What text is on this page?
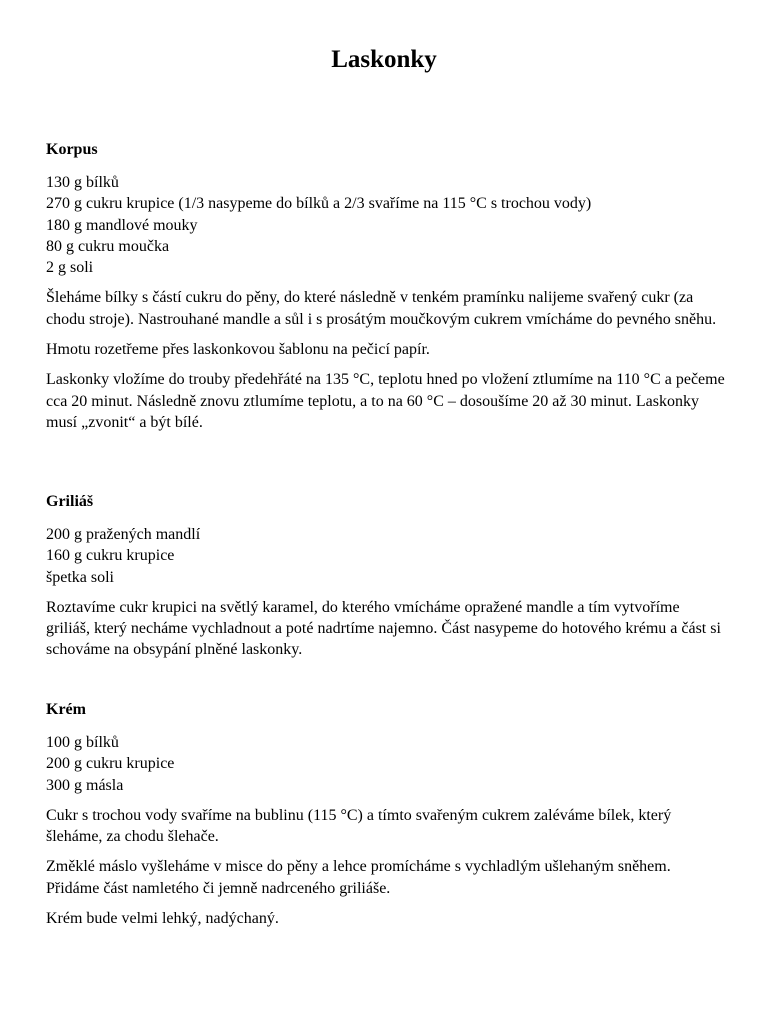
Laskonky
Korpus
130 g bílků
270 g cukru krupice (1/3 nasypeme do bílků a 2/3 svaříme na 115 °C s trochou vody)
180 g mandlové mouky
80 g cukru moučka
2 g soli

Šleháme bílky s částí cukru do pěny, do které následně v tenkém pramínku nalijeme svařený cukr (za chodu stroje). Nastrouhané mandle a sůl i s prosátým moučkovým cukrem vmícháme do pevného sněhu.

Hmotu rozetřeme přes laskonkovou šablonu na pečicí papír.

Laskonky vložíme do trouby předehřáté na 135 °C, teplotu hned po vložení ztlumíme na 110 °C a pečeme cca 20 minut. Následně znovu ztlumíme teplotu, a to na 60 °C – dosoušíme 20 až 30 minut. Laskonky musí „zvonit“ a být bílé.

Griliáš
200 g pražených mandlí
160 g cukru krupice
špetka soli

Roztavíme cukr krupici na světlý karamel, do kterého vmícháme opražené mandle a tím vytvoříme griliáš, který necháme vychladnout a poté nadrtíme najemno. Část nasypeme do hotového krému a část si schováme na obsypání plněné laskonky.

Krém
100 g bílků
200 g cukru krupice
300 g másla

Cukr s trochou vody svaříme na bublinu (115 °C) a tímto svařeným cukrem zaléváme bílek, který šleháme, za chodu šlehače.

Změklé máslo vyšleháme v misce do pěny a lehce promícháme s vychladlým ušlehaným sněhem. Přidáme část namletého či jemně nadrceného griliáše.

Krém bude velmi lehký, nadýchaný.
